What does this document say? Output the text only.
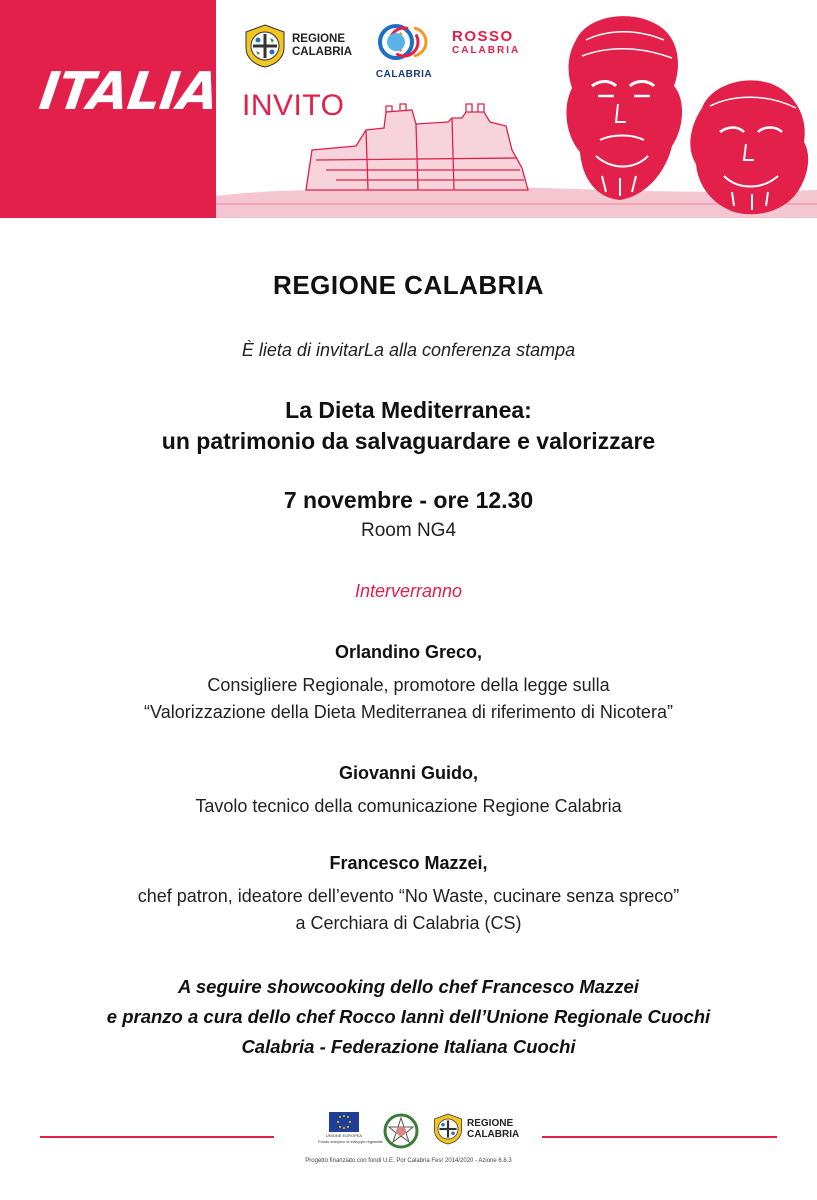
ITALIA
REGIONE
CALABRIA
CALABRIA
ROSSO
CALABRIA
INVITO
REGIONE CALABRIA
È lieta di invitarLa alla conferenza stampa
La Dieta Mediterranea:
un patrimonio da salvaguardare e valorizzare
7 novembre - ore 12.30
Room NG4
Interverranno
Orlandino Greco,
Consigliere Regionale, promotore della legge sulla
“Valorizzazione della Dieta Mediterranea di riferimento di Nicotera”
Giovanni Guido,
Tavolo tecnico della comunicazione Regione Calabria
Francesco Mazzei,
chef patron, ideatore dell’evento “No Waste, cucinare senza spreco”
a Cerchiara di Calabria (CS)
A seguire showcooking dello chef Francesco Mazzei
e pranzo a cura dello chef Rocco Iannì dell’Unione Regionale Cuochi
Calabria - Federazione Italiana Cuochi
UNIONE EUROPEA
Fondo europeo di sviluppo regionale
REGIONE
CALABRIA
Progetto finanziato con fondi U.E. Por Calabria Fesr 2014/2020 - Azione 6.8.3
